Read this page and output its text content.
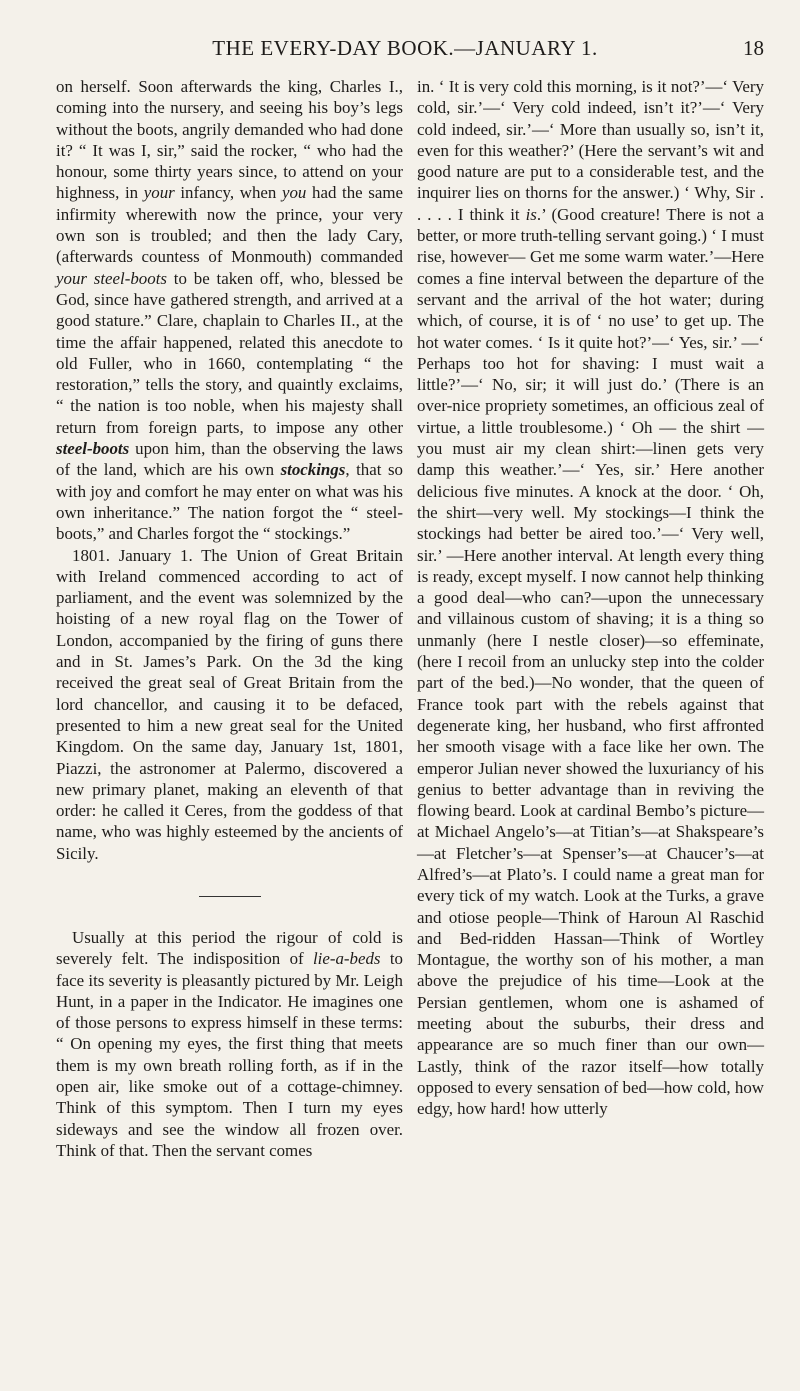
THE EVERY-DAY BOOK.—JANUARY 1.	18

on herself. Soon afterwards the king, Charles I., coming into the nursery, and seeing his boy’s legs without the boots, angrily demanded who had done it? “ It was I, sir,” said the rocker, “ who had the honour, some thirty years since, to attend on your highness, in your infancy, when you had the same infirmity wherewith now the prince, your very own son is troubled; and then the lady Cary, (afterwards countess of Monmouth) commanded your steel-boots to be taken off, who, blessed be God, since have gathered strength, and arrived at a good stature.” Clare, chaplain to Charles II., at the time the affair happened, related this anecdote to old Fuller, who in 1660, contemplating “ the restoration,” tells the story, and quaintly exclaims, “ the nation is too noble, when his majesty shall return from foreign parts, to impose any other steel-boots upon him, than the observing the laws of the land, which are his own stockings, that so with joy and comfort he may enter on what was his own inheritance.” The nation forgot the “ steel-boots,” and Charles forgot the “ stockings.”

1801. January 1. The Union of Great Britain with Ireland commenced according to act of parliament, and the event was solemnized by the hoisting of a new royal flag on the Tower of London, accompanied by the firing of guns there and in St. James’s Park. On the 3d the king received the great seal of Great Britain from the lord chancellor, and causing it to be defaced, presented to him a new great seal for the United Kingdom. On the same day, January 1st, 1801, Piazzi, the astronomer at Palermo, discovered a new primary planet, making an eleventh of that order: he called it Ceres, from the goddess of that name, who was highly esteemed by the ancients of Sicily.

Usually at this period the rigour of cold is severely felt. The indisposition of lie-a-beds to face its severity is pleasantly pictured by Mr. Leigh Hunt, in a paper in the Indicator. He imagines one of those persons to express himself in these terms: “ On opening my eyes, the first thing that meets them is my own breath rolling forth, as if in the open air, like smoke out of a cottage-chimney. Think of this symptom. Then I turn my eyes sideways and see the window all frozen over. Think of that. Then the servant comes

in. ‘ It is very cold this morning, is it not?’—‘ Very cold, sir.’—‘ Very cold indeed, isn’t it?’—‘ Very cold indeed, sir.’—‘ More than usually so, isn’t it, even for this weather?’ (Here the servant’s wit and good nature are put to a considerable test, and the inquirer lies on thorns for the answer.) ‘ Why, Sir . . . . . I think it is.’ (Good creature! There is not a better, or more truth-telling servant going.) ‘ I must rise, however— Get me some warm water.’—Here comes a fine interval between the departure of the servant and the arrival of the hot water; during which, of course, it is of ‘ no use’ to get up. The hot water comes. ‘ Is it quite hot?’—‘ Yes, sir.’ —‘ Perhaps too hot for shaving: I must wait a little?’—‘ No, sir; it will just do.’ (There is an over-nice propriety sometimes, an officious zeal of virtue, a little troublesome.) ‘ Oh — the shirt — you must air my clean shirt:—linen gets very damp this weather.’—‘ Yes, sir.’ Here another delicious five minutes. A knock at the door. ‘ Oh, the shirt—very well. My stockings—I think the stockings had better be aired too.’—‘ Very well, sir.’ —Here another interval. At length every thing is ready, except myself. I now cannot help thinking a good deal—who can?—upon the unnecessary and villainous custom of shaving; it is a thing so unmanly (here I nestle closer)—so effeminate, (here I recoil from an unlucky step into the colder part of the bed.)—No wonder, that the queen of France took part with the rebels against that degenerate king, her husband, who first affronted her smooth visage with a face like her own. The emperor Julian never showed the luxuriancy of his genius to better advantage than in reviving the flowing beard. Look at cardinal Bembo’s picture—at Michael Angelo’s—at Titian’s—at Shakspeare’s—at Fletcher’s—at Spenser’s—at Chaucer’s—at Alfred’s—at Plato’s. I could name a great man for every tick of my watch. Look at the Turks, a grave and otiose people—Think of Haroun Al Raschid and Bed-ridden Hassan—Think of Wortley Montague, the worthy son of his mother, a man above the prejudice of his time—Look at the Persian gentlemen, whom one is ashamed of meeting about the suburbs, their dress and appearance are so much finer than our own—Lastly, think of the razor itself—how totally opposed to every sensation of bed—how cold, how edgy, how hard! how utterly
